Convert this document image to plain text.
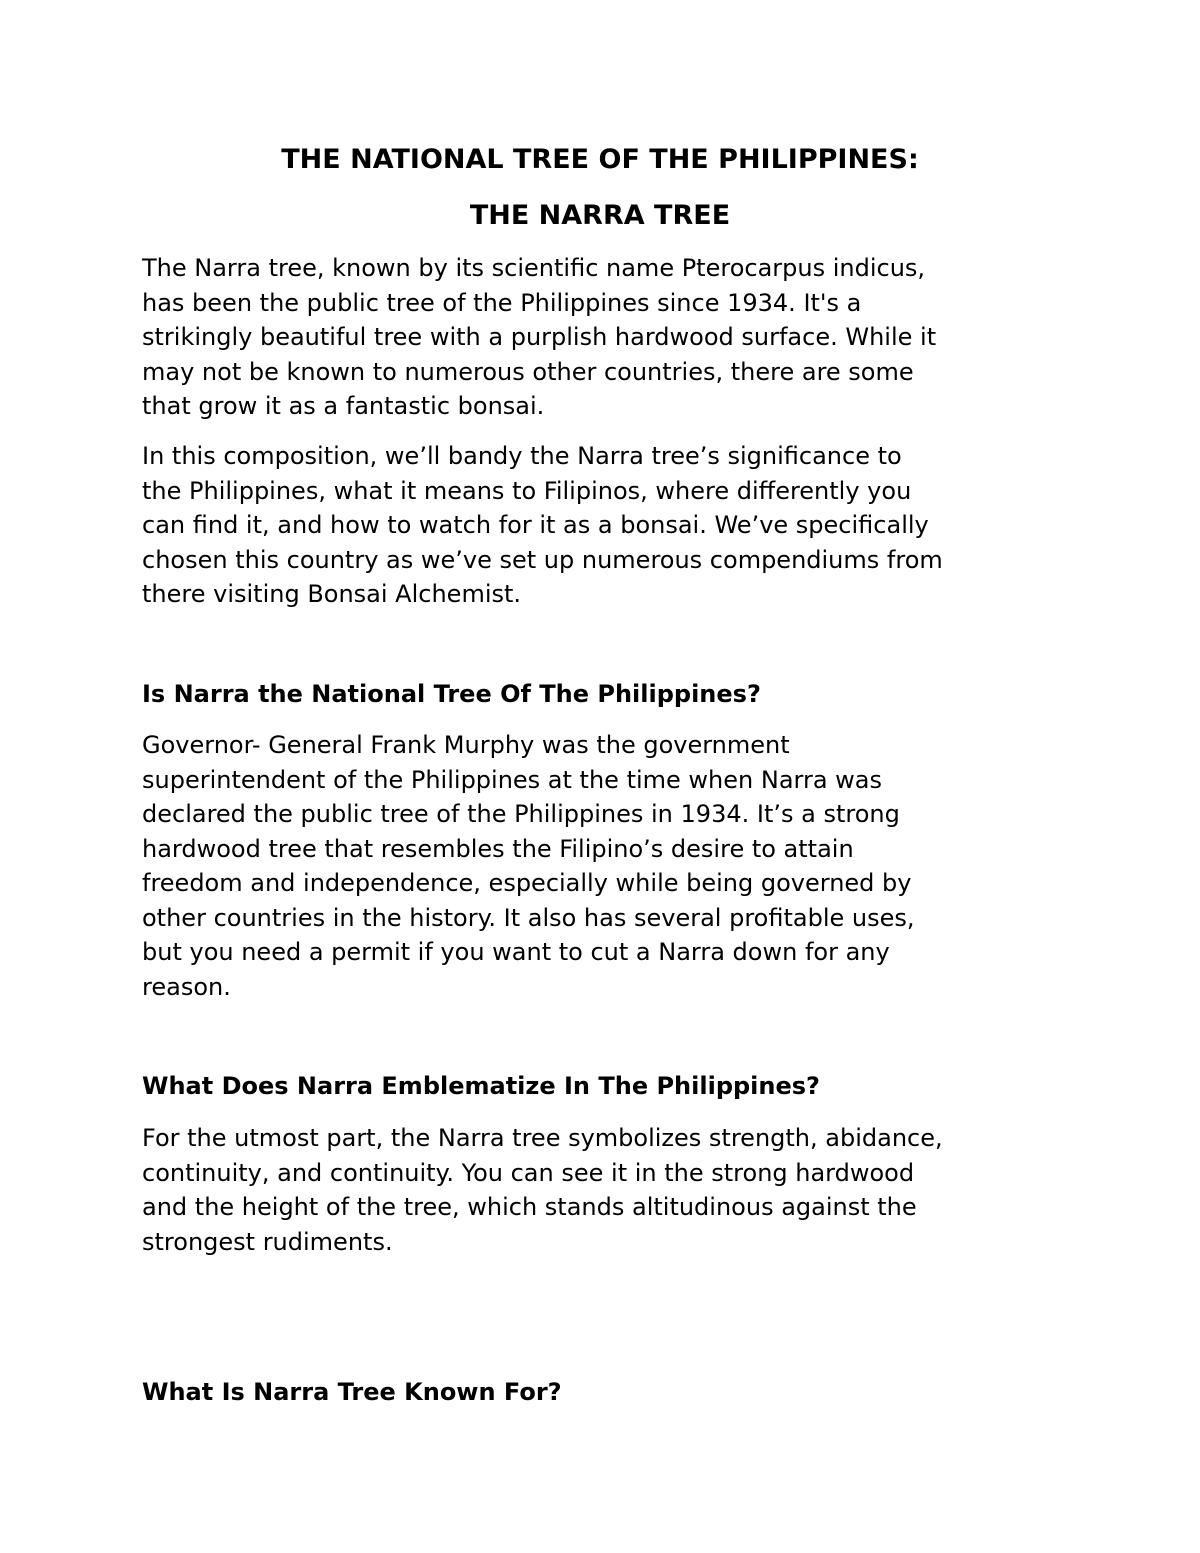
THE NATIONAL TREE OF THE PHILIPPINES:
THE NARRA TREE

The Narra tree, known by its scientific name Pterocarpus indicus,
has been the public tree of the Philippines since 1934. It's a
strikingly beautiful tree with a purplish hardwood surface. While it
may not be known to numerous other countries, there are some
that grow it as a fantastic bonsai.

In this composition, we’ll bandy the Narra tree’s significance to
the Philippines, what it means to Filipinos, where differently you
can find it, and how to watch for it as a bonsai. We’ve specifically
chosen this country as we’ve set up numerous compendiums from
there visiting Bonsai Alchemist.

Is Narra the National Tree Of The Philippines?

Governor- General Frank Murphy was the government
superintendent of the Philippines at the time when Narra was
declared the public tree of the Philippines in 1934. It’s a strong
hardwood tree that resembles the Filipino’s desire to attain
freedom and independence, especially while being governed by
other countries in the history. It also has several profitable uses,
but you need a permit if you want to cut a Narra down for any
reason.

What Does Narra Emblematize In The Philippines?

For the utmost part, the Narra tree symbolizes strength, abidance,
continuity, and continuity. You can see it in the strong hardwood
and the height of the tree, which stands altitudinous against the
strongest rudiments.

What Is Narra Tree Known For?
